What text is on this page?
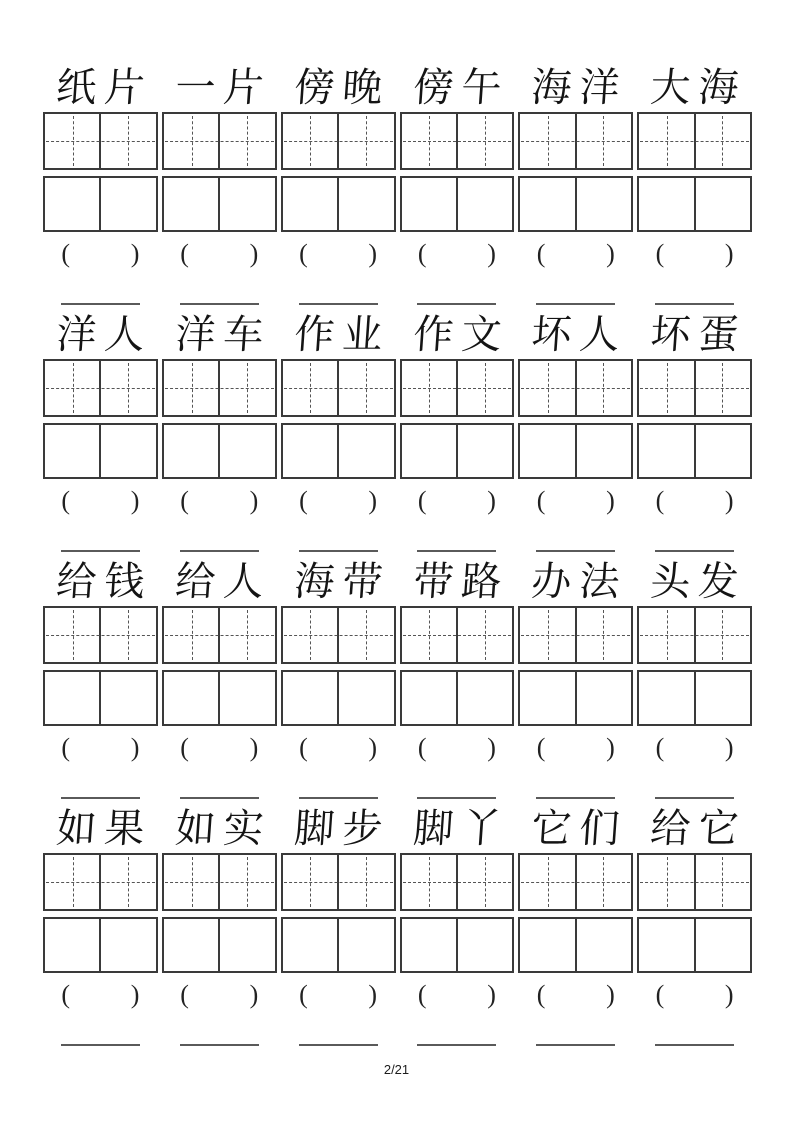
纸片 一片 傍晚 傍午 海洋 大海
( ) ( ) ( ) ( ) ( ) ( )
洋人 洋车 作业 作文 坏人 坏蛋
( ) ( ) ( ) ( ) ( ) ( )
给钱 给人 海带 带路 办法 头发
( ) ( ) ( ) ( ) ( ) ( )
如果 如实 脚步 脚丫 它们 给它
( ) ( ) ( ) ( ) ( ) ( )
2/21
